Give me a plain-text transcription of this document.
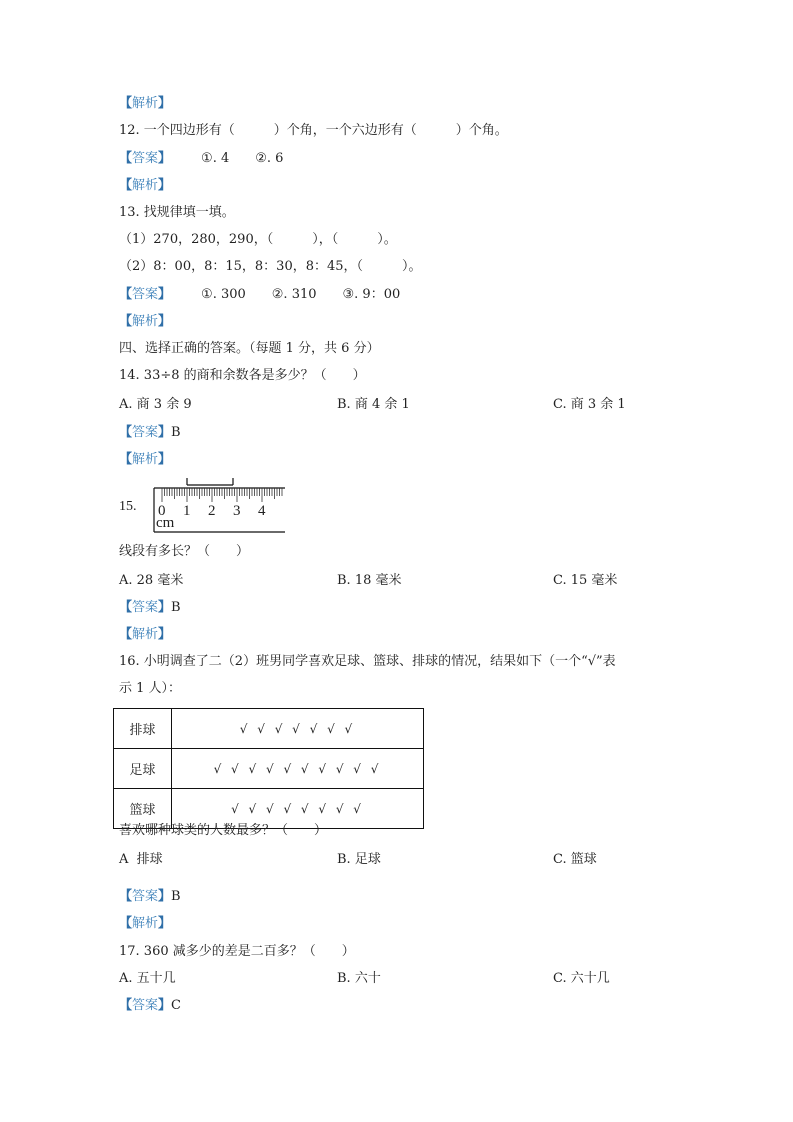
【解析】
12. 一个四边形有（　　　）个角，一个六边形有（　　　）个角。
【答案】 ①. 4　　②. 6
【解析】
13. 找规律填一填。
（1）270，280，290，（　　　），（　　　）。
（2）8：00，8：15，8：30，8：45，（　　　）。
【答案】 ①. 300　　②. 310　　③. 9：00
【解析】
四、选择正确的答案。（每题 1 分，共 6 分）
14. 33÷8 的商和余数各是多少？（　　）
A. 商 3 余 9	B. 商 4 余 1	C. 商 3 余 1
【答案】B
【解析】
15. 0 1 2 3 4
cm
线段有多长？（　　）
A. 28 毫米	B. 18 毫米	C. 15 毫米
【答案】B
【解析】
16. 小明调查了二（2）班男同学喜欢足球、篮球、排球的情况，结果如下（一个“√”表
示 1 人）：
排球	√ √ √ √ √ √ √
足球	√ √ √ √ √ √ √ √ √ √
篮球	√ √ √ √ √ √ √ √
喜欢哪种球类的人数最多？（　　）
A  排球	B. 足球	C. 篮球
【答案】B
【解析】
17. 360 减多少的差是二百多？（　　）
A. 五十几	B. 六十	C. 六十几
【答案】C
